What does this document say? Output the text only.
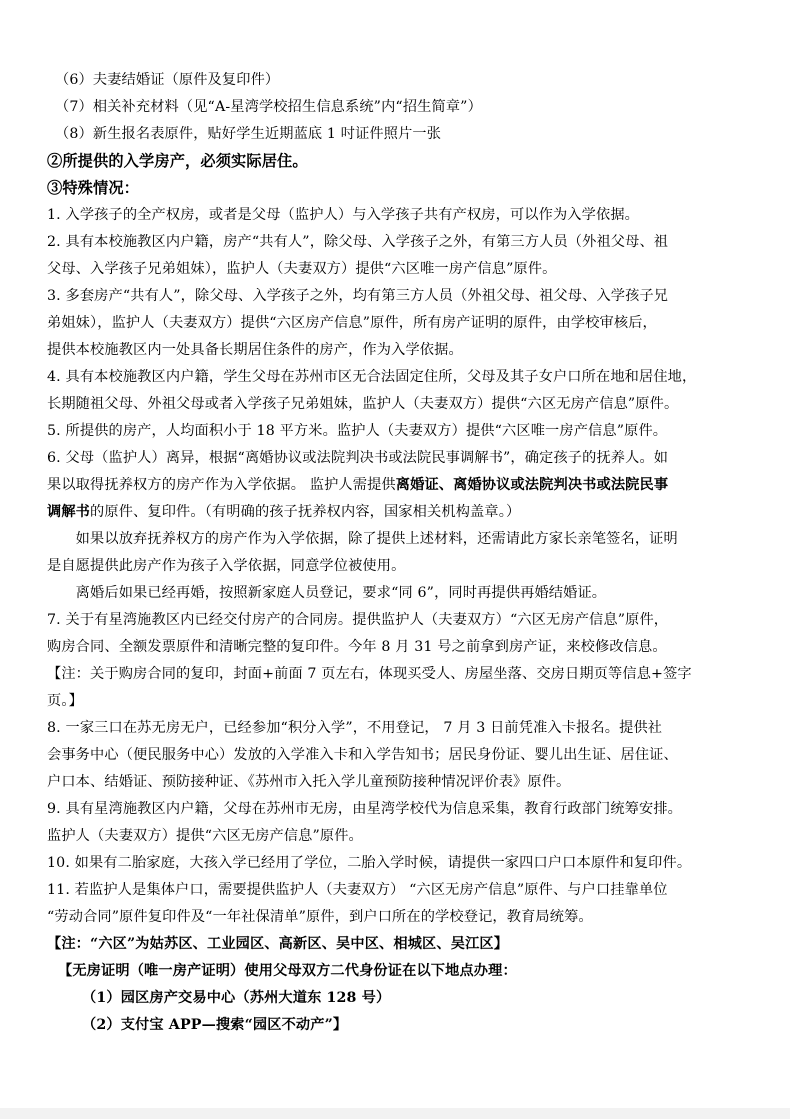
（6）夫妻结婚证（原件及复印件）
（7）相关补充材料（见“A-星湾学校招生信息系统”内“招生简章”）
（8）新生报名表原件，贴好学生近期蓝底 1 吋证件照片一张
②所提供的入学房产，必须实际居住。
③特殊情况：
1. 入学孩子的全产权房，或者是父母（监护人）与入学孩子共有产权房，可以作为入学依据。
2. 具有本校施教区内户籍，房产“共有人”，除父母、入学孩子之外，有第三方人员（外祖父母、祖
父母、入学孩子兄弟姐妹），监护人（夫妻双方）提供“六区唯一房产信息”原件。
3. 多套房产“共有人”，除父母、入学孩子之外，均有第三方人员（外祖父母、祖父母、入学孩子兄
弟姐妹），监护人（夫妻双方）提供“六区房产信息”原件，所有房产证明的原件，由学校审核后，
提供本校施教区内一处具备长期居住条件的房产，作为入学依据。
4. 具有本校施教区内户籍，学生父母在苏州市区无合法固定住所，父母及其子女户口所在地和居住地，
长期随祖父母、外祖父母或者入学孩子兄弟姐妹，监护人（夫妻双方）提供“六区无房产信息”原件。
5. 所提供的房产，人均面积小于 18 平方米。监护人（夫妻双方）提供“六区唯一房产信息”原件。
6. 父母（监护人）离异，根据“离婚协议或法院判决书或法院民事调解书”，确定孩子的抚养人。如
果以取得抚养权方的房产作为入学依据。 监护人需提供离婚证、离婚协议或法院判决书或法院民事
调解书的原件、复印件。（有明确的孩子抚养权内容，国家相关机构盖章。）
　　如果以放弃抚养权方的房产作为入学依据，除了提供上述材料，还需请此方家长亲笔签名，证明
是自愿提供此房产作为孩子入学依据，同意学位被使用。
　　离婚后如果已经再婚，按照新家庭人员登记，要求“同 6”，同时再提供再婚结婚证。
7. 关于有星湾施教区内已经交付房产的合同房。提供监护人（夫妻双方）“六区无房产信息”原件，
购房合同、全额发票原件和清晰完整的复印件。今年 8 月 31 号之前拿到房产证，来校修改信息。
【注：关于购房合同的复印，封面+前面 7 页左右，体现买受人、房屋坐落、交房日期页等信息+签字
页。】
8. 一家三口在苏无房无户，已经参加“积分入学”，不用登记， 7 月 3 日前凭准入卡报名。提供社
会事务中心（便民服务中心）发放的入学准入卡和入学告知书；居民身份证、婴儿出生证、居住证、
户口本、结婚证、预防接种证、《苏州市入托入学儿童预防接种情况评价表》原件。
9. 具有星湾施教区内户籍，父母在苏州市无房，由星湾学校代为信息采集，教育行政部门统筹安排。
监护人（夫妻双方）提供“六区无房产信息”原件。
10. 如果有二胎家庭，大孩入学已经用了学位，二胎入学时候，请提供一家四口户口本原件和复印件。
11. 若监护人是集体户口，需要提供监护人（夫妻双方） “六区无房产信息”原件、与户口挂靠单位
“劳动合同”原件复印件及“一年社保清单”原件，到户口所在的学校登记，教育局统筹。
【注：“六区”为姑苏区、工业园区、高新区、吴中区、相城区、吴江区】
【无房证明（唯一房产证明）使用父母双方二代身份证在以下地点办理：
（1）园区房产交易中心（苏州大道东 128 号）
（2）支付宝 APP—搜索“园区不动产”】
